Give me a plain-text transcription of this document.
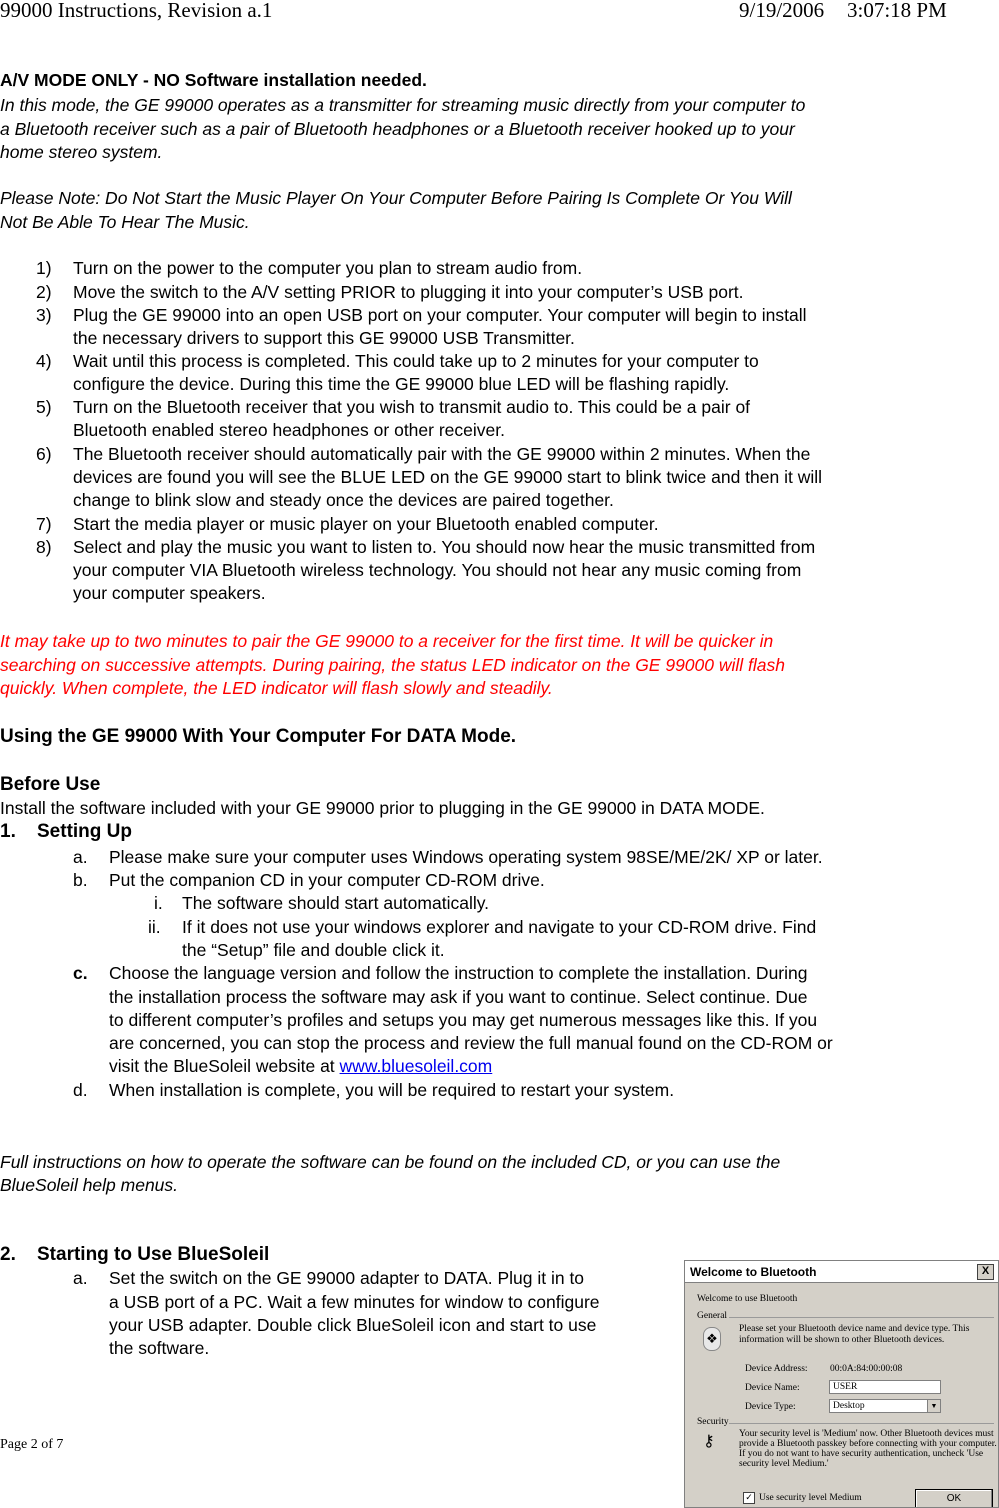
99000 Instructions, Revision a.1	9/19/2006 3:07:18 PM
A/V MODE ONLY - NO Software installation needed.
In this mode, the GE 99000 operates as a transmitter for streaming music directly from your computer to
a Bluetooth receiver such as a pair of Bluetooth headphones or a Bluetooth receiver hooked up to your
home stereo system.
Please Note: Do Not Start the Music Player On Your Computer Before Pairing Is Complete Or You Will
Not Be Able To Hear The Music.
1) Turn on the power to the computer you plan to stream audio from.
2) Move the switch to the A/V setting PRIOR to plugging it into your computer’s USB port.
3) Plug the GE 99000 into an open USB port on your computer. Your computer will begin to install
the necessary drivers to support this GE 99000 USB Transmitter.
4) Wait until this process is completed. This could take up to 2 minutes for your computer to
configure the device. During this time the GE 99000 blue LED will be flashing rapidly.
5) Turn on the Bluetooth receiver that you wish to transmit audio to. This could be a pair of
Bluetooth enabled stereo headphones or other receiver.
6) The Bluetooth receiver should automatically pair with the GE 99000 within 2 minutes. When the
devices are found you will see the BLUE LED on the GE 99000 start to blink twice and then it will
change to blink slow and steady once the devices are paired together.
7) Start the media player or music player on your Bluetooth enabled computer.
8) Select and play the music you want to listen to. You should now hear the music transmitted from
your computer VIA Bluetooth wireless technology. You should not hear any music coming from
your computer speakers.
It may take up to two minutes to pair the GE 99000 to a receiver for the first time. It will be quicker in
searching on successive attempts. During pairing, the status LED indicator on the GE 99000 will flash
quickly. When complete, the LED indicator will flash slowly and steadily.
Using the GE 99000 With Your Computer For DATA Mode.
Before Use
Install the software included with your GE 99000 prior to plugging in the GE 99000 in DATA MODE.
1. Setting Up
a. Please make sure your computer uses Windows operating system 98SE/ME/2K/ XP or later.
b. Put the companion CD in your computer CD-ROM drive.
i. The software should start automatically.
ii. If it does not use your windows explorer and navigate to your CD-ROM drive. Find
the “Setup” file and double click it.
c. Choose the language version and follow the instruction to complete the installation. During
the installation process the software may ask if you want to continue. Select continue. Due
to different computer’s profiles and setups you may get numerous messages like this. If you
are concerned, you can stop the process and review the full manual found on the CD-ROM or
visit the BlueSoleil website at www.bluesoleil.com
d. When installation is complete, you will be required to restart your system.
Full instructions on how to operate the software can be found on the included CD, or you can use the
BlueSoleil help menus.
2. Starting to Use BlueSoleil
a. Set the switch on the GE 99000 adapter to DATA. Plug it in to
a USB port of a PC. Wait a few minutes for window to configure
your USB adapter. Double click BlueSoleil icon and start to use
the software.
Page 2 of 7
Welcome to Bluetooth	X
Welcome to use Bluetooth
General
❖
Please set your Bluetooth device name and device type. This
information will be shown to other Bluetooth devices.
Device Address: 00:0A:84:00:00:08
Device Name:	USER
Device Type:	Desktop	▼
Security
⚷	Your security level is 'Medium' now. Other Bluetooth devices must
provide a Bluetooth passkey before connecting with your computer.
If you do not want to have security authentication, uncheck 'Use
security level Medium.'
✓ Use security level Medium	OK
